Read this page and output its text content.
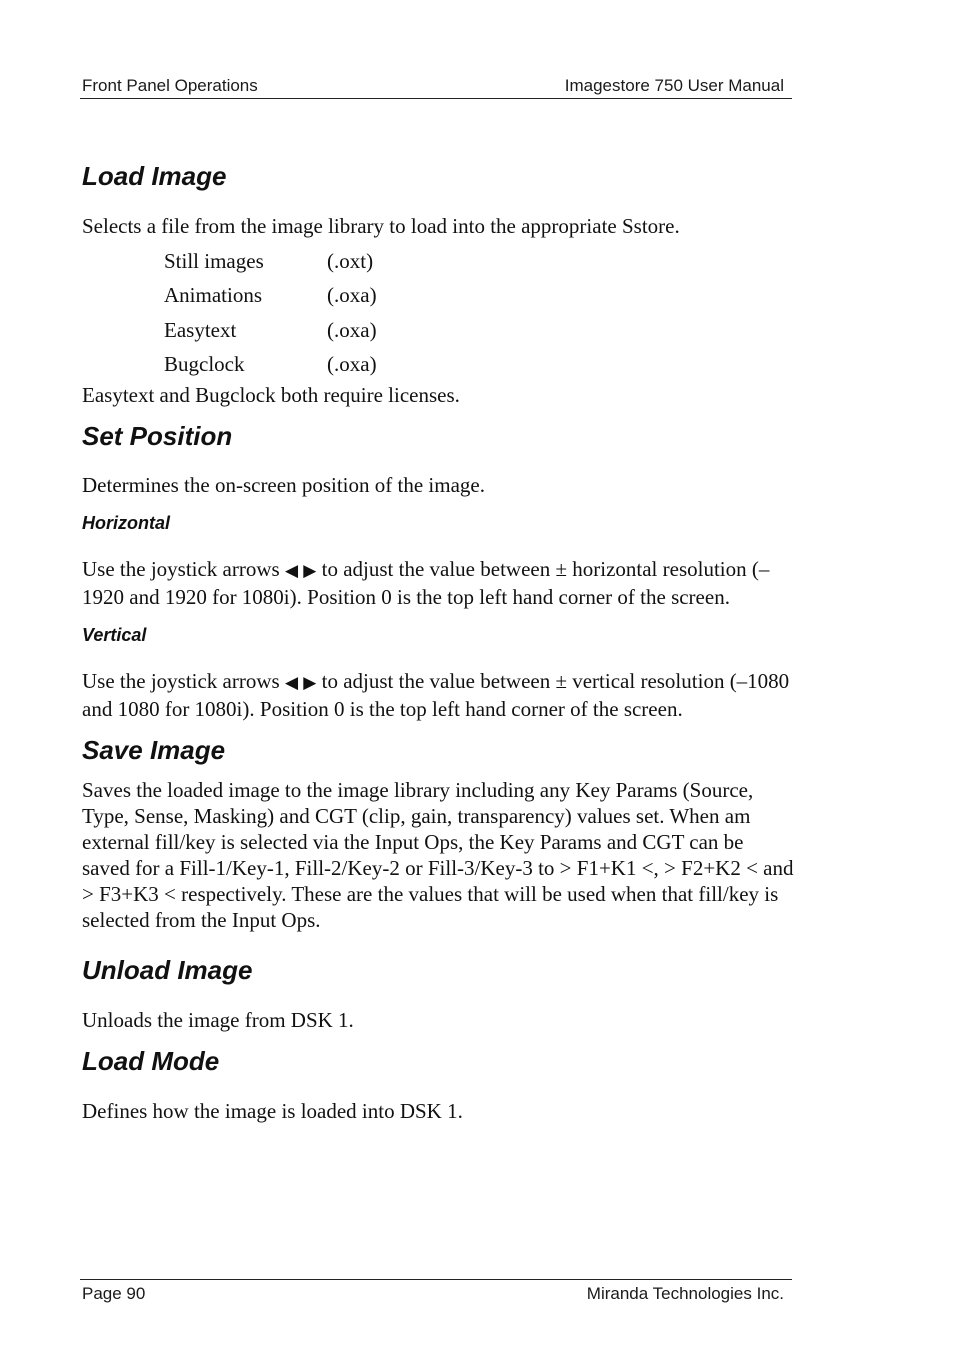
Front Panel Operations	Imagestore 750 User Manual
Load Image

Selects a file from the image library to load into the appropriate Sstore.

Still images	(.oxt)
Animations	(.oxa)
Easytext	(.oxa)
Bugclock	(.oxa)

Easytext and Bugclock both require licenses.

Set Position

Determines the on-screen position of the image.

Horizontal

Use the joystick arrows ◀ ▶ to adjust the value between ± horizontal resolution (–1920 and 1920 for 1080i). Position 0 is the top left hand corner of the screen.

Vertical

Use the joystick arrows ◀ ▶ to adjust the value between ± vertical resolution (–1080 and 1080 for 1080i). Position 0 is the top left hand corner of the screen.

Save Image

Saves the loaded image to the image library including any Key Params (Source, Type, Sense, Masking) and CGT (clip, gain, transparency) values set. When am external fill/key is selected via the Input Ops, the Key Params and CGT can be saved for a Fill-1/Key-1, Fill-2/Key-2 or Fill-3/Key-3 to > F1+K1 <, > F2+K2 < and > F3+K3 < respectively. These are the values that will be used when that fill/key is selected from the Input Ops.

Unload Image

Unloads the image from DSK 1.

Load Mode

Defines how the image is loaded into DSK 1.

Page 90	Miranda Technologies Inc.
